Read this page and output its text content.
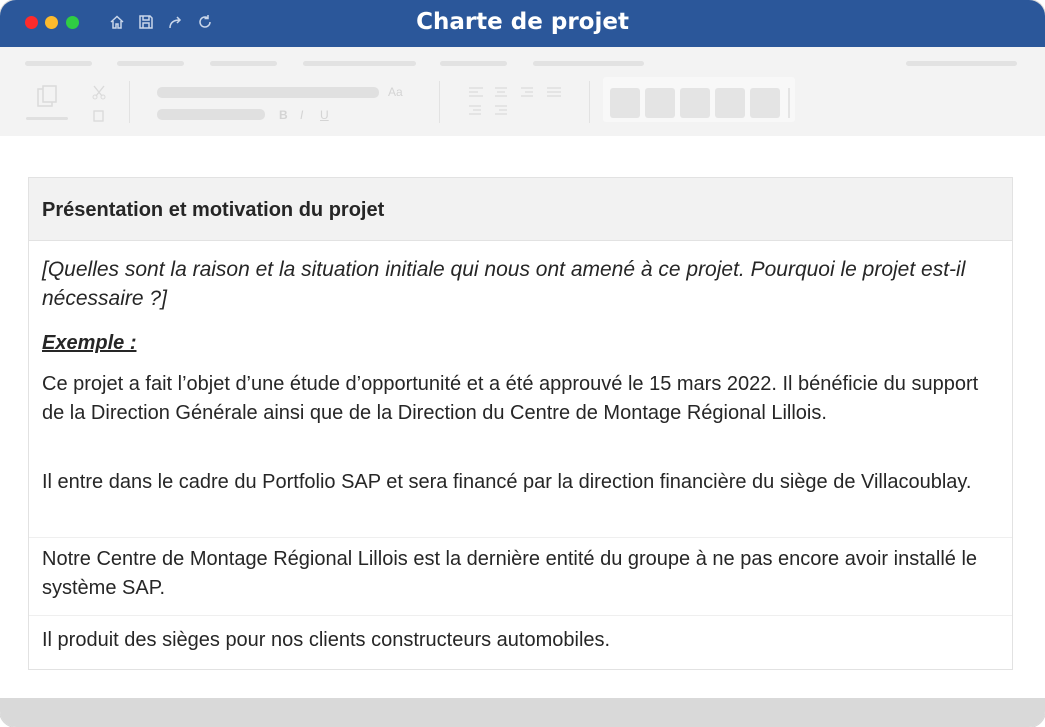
Charte de projet
Aa
B I U
Présentation et motivation du projet
[Quelles sont la raison et la situation initiale qui nous ont amené à ce projet. Pourquoi le projet est-il nécessaire ?]
Exemple :
Ce projet a fait l’objet d’une étude d’opportunité et a été approuvé le 15 mars 2022. Il bénéficie du support de la Direction Générale ainsi que de la Direction du Centre de Montage Régional Lillois.
Il entre dans le cadre du Portfolio SAP et sera financé par la direction financière du siège de Villacoublay.
Notre Centre de Montage Régional Lillois est la dernière entité du groupe à ne pas encore avoir installé le système SAP.
Il produit des sièges pour nos clients constructeurs automobiles.
